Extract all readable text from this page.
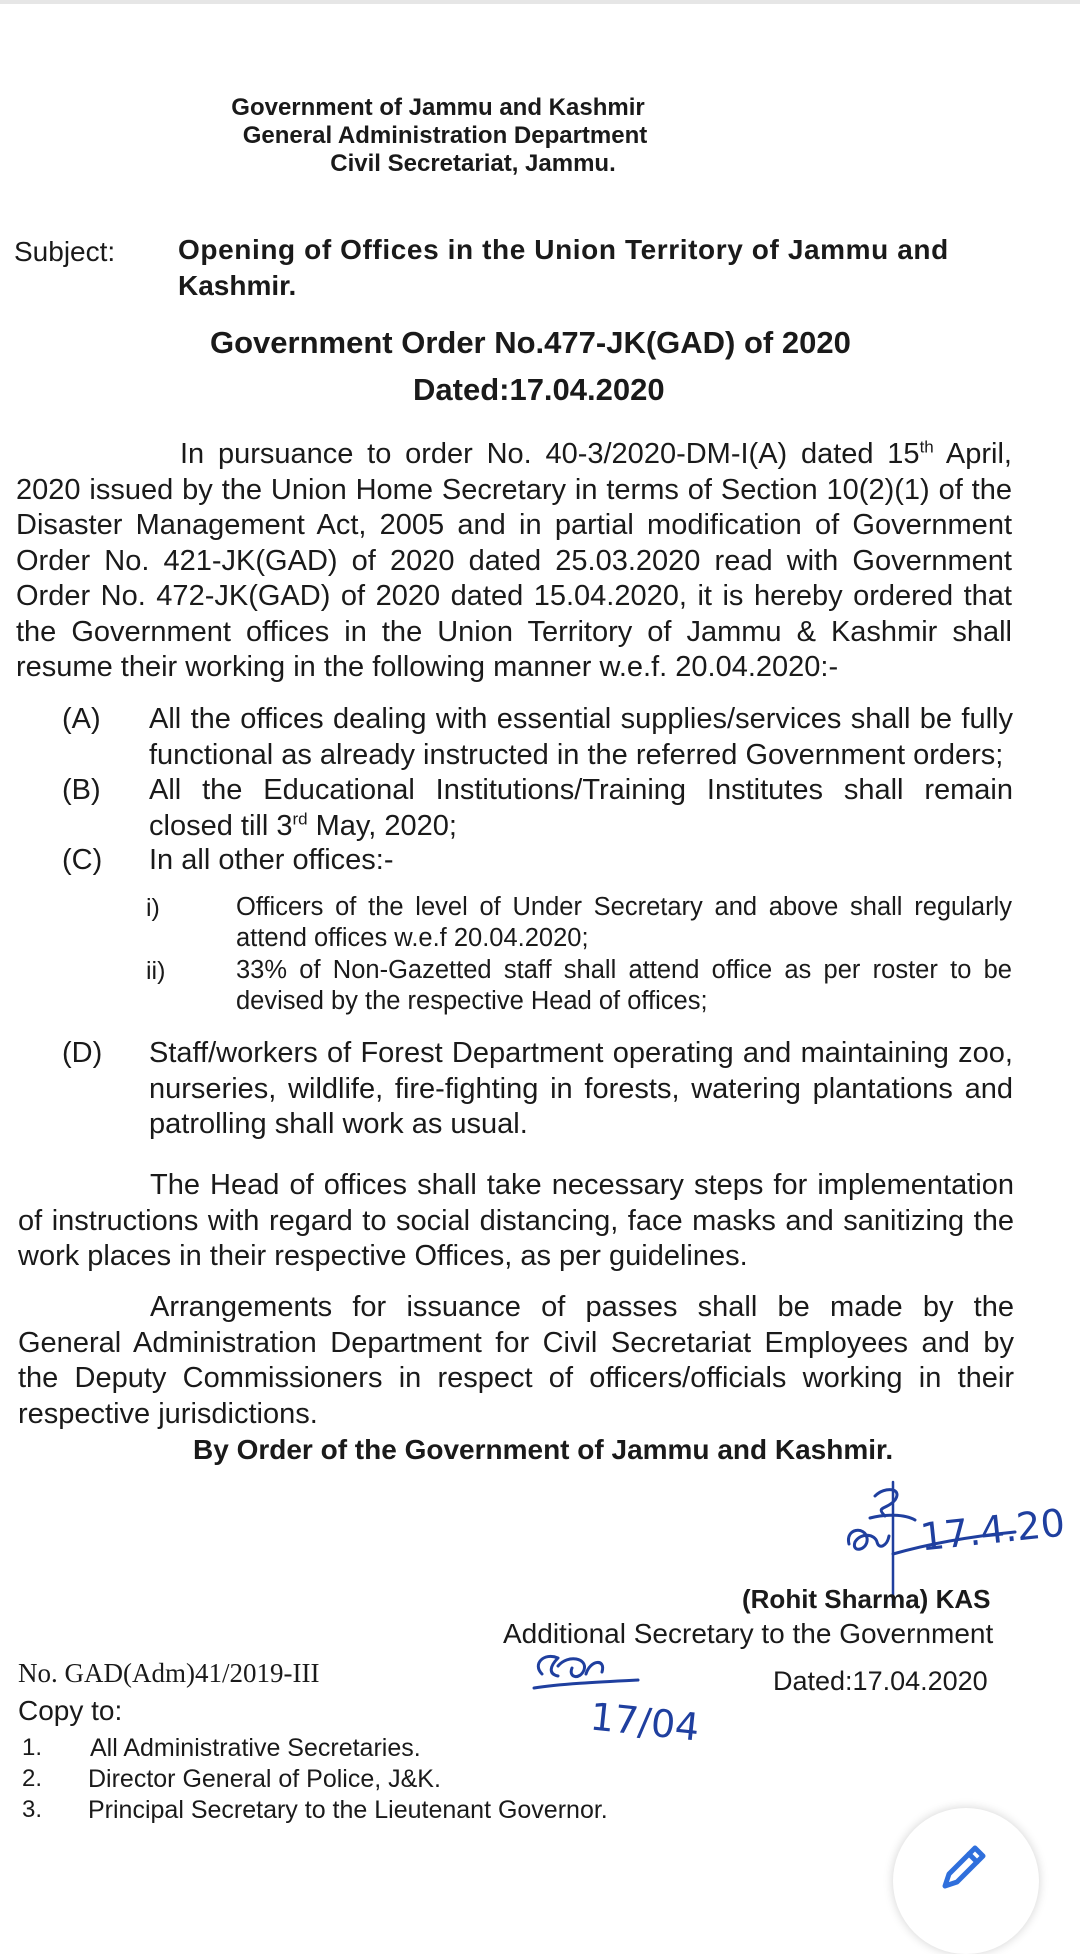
Government of Jammu and Kashmir
General Administration Department
Civil Secretariat, Jammu.
Subject: Opening of Offices in the Union Territory of Jammu and
Kashmir.
Government Order No.477-JK(GAD) of 2020
Dated:17.04.2020
In pursuance to order No. 40-3/2020-DM-I(A) dated 15th April, 2020 issued by the Union Home Secretary in terms of Section 10(2)(1) of the Disaster Management Act, 2005 and in partial modification of Government Order No. 421-JK(GAD) of 2020 dated 25.03.2020 read with Government Order No. 472-JK(GAD) of 2020 dated 15.04.2020, it is hereby ordered that the Government offices in the Union Territory of Jammu & Kashmir shall resume their working in the following manner w.e.f. 20.04.2020:-
(A) All the offices dealing with essential supplies/services shall be fully functional as already instructed in the referred Government orders;
(B) All the Educational Institutions/Training Institutes shall remain closed till 3rd May, 2020;
(C) In all other offices:-
i)	Officers of the level of Under Secretary and above shall regularly attend offices w.e.f 20.04.2020;
ii)	33% of Non-Gazetted staff shall attend office as per roster to be devised by the respective Head of offices;
(D) Staff/workers of Forest Department operating and maintaining zoo, nurseries, wildlife, fire-fighting in forests, watering plantations and patrolling shall work as usual.
The Head of offices shall take necessary steps for implementation of instructions with regard to social distancing, face masks and sanitizing the work places in their respective Offices, as per guidelines.
Arrangements for issuance of passes shall be made by the General Administration Department for Civil Secretariat Employees and by the Deputy Commissioners in respect of officers/officials working in their respective jurisdictions.
By Order of the Government of Jammu and Kashmir.
17.4.20
(Rohit Sharma) KAS
Additional Secretary to the Government
No. GAD(Adm)41/2019-III	Dated:17.04.2020
17/04
Copy to:
1. All Administrative Secretaries.
2. Director General of Police, J&K.
3. Principal Secretary to the Lieutenant Governor.
